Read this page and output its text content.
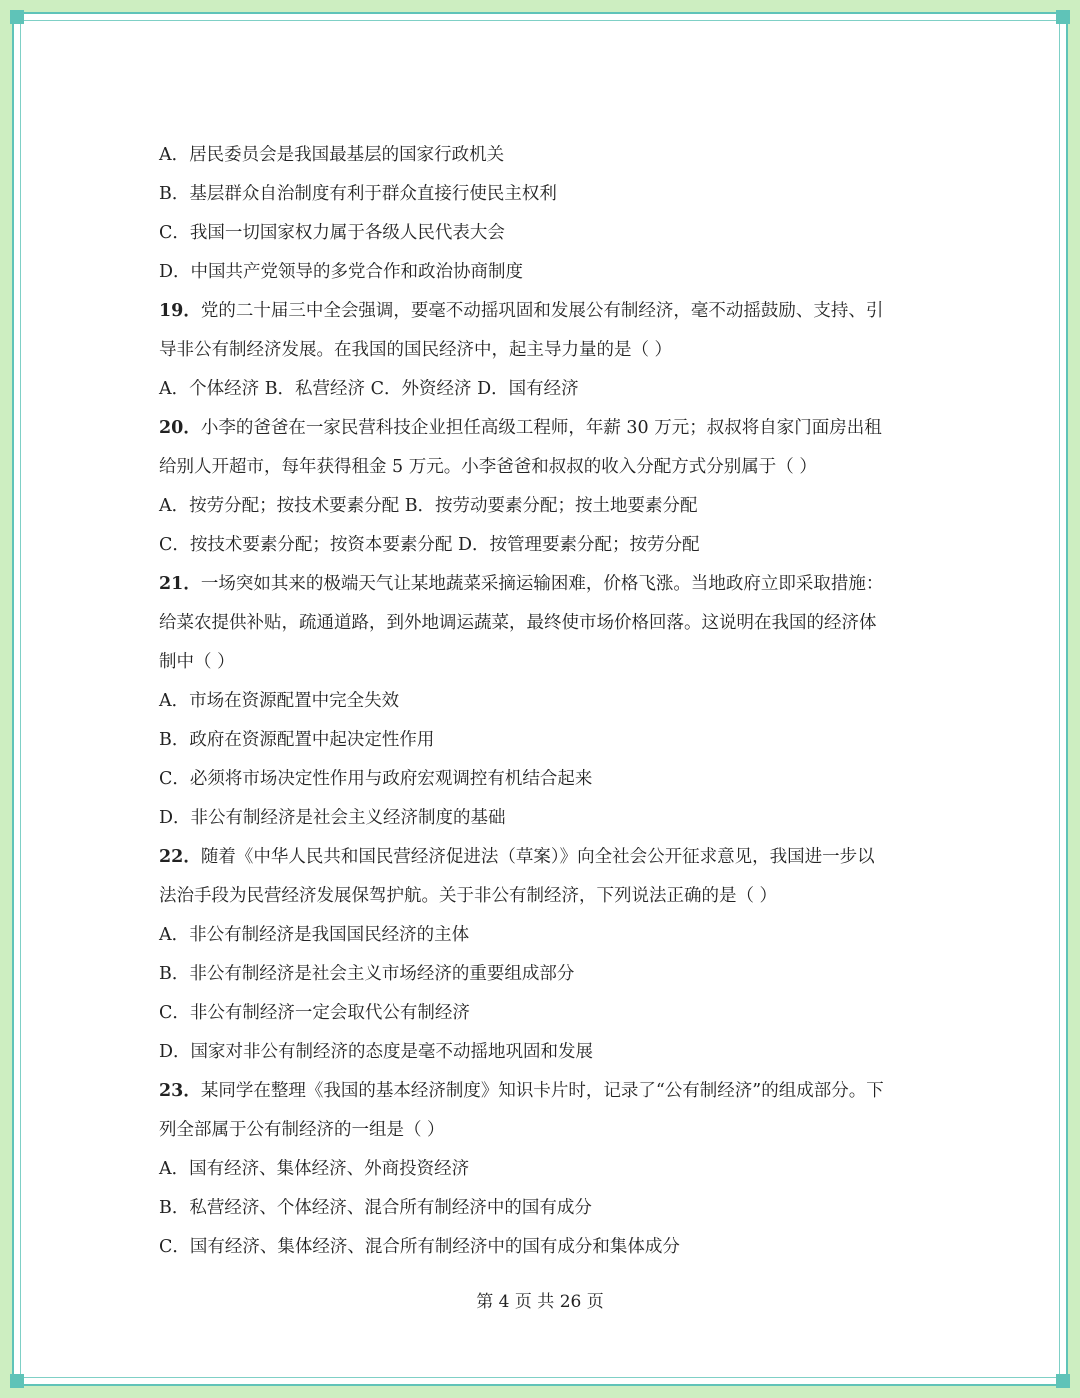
A．居民委员会是我国最基层的国家行政机关
B．基层群众自治制度有利于群众直接行使民主权利
C．我国一切国家权力属于各级人民代表大会
D．中国共产党领导的多党合作和政治协商制度
19．党的二十届三中全会强调，要毫不动摇巩固和发展公有制经济，毫不动摇鼓励、支持、引
导非公有制经济发展。在我国的国民经济中，起主导力量的是（ ）
A．个体经济 B．私营经济 C．外资经济 D．国有经济
20．小李的爸爸在一家民营科技企业担任高级工程师，年薪 30 万元；叔叔将自家门面房出租
给别人开超市，每年获得租金 5 万元。小李爸爸和叔叔的收入分配方式分别属于（ ）
A．按劳分配；按技术要素分配 B．按劳动要素分配；按土地要素分配
C．按技术要素分配；按资本要素分配 D．按管理要素分配；按劳分配
21．一场突如其来的极端天气让某地蔬菜采摘运输困难，价格飞涨。当地政府立即采取措施：
给菜农提供补贴，疏通道路，到外地调运蔬菜，最终使市场价格回落。这说明在我国的经济体
制中（ ）
A．市场在资源配置中完全失效
B．政府在资源配置中起决定性作用
C．必须将市场决定性作用与政府宏观调控有机结合起来
D．非公有制经济是社会主义经济制度的基础
22．随着《中华人民共和国民营经济促进法（草案）》向全社会公开征求意见，我国进一步以
法治手段为民营经济发展保驾护航。关于非公有制经济，下列说法正确的是（ ）
A．非公有制经济是我国国民经济的主体
B．非公有制经济是社会主义市场经济的重要组成部分
C．非公有制经济一定会取代公有制经济
D．国家对非公有制经济的态度是毫不动摇地巩固和发展
23．某同学在整理《我国的基本经济制度》知识卡片时，记录了“公有制经济”的组成部分。下
列全部属于公有制经济的一组是（ ）
A．国有经济、集体经济、外商投资经济
B．私营经济、个体经济、混合所有制经济中的国有成分
C．国有经济、集体经济、混合所有制经济中的国有成分和集体成分
第 4 页 共 26 页
